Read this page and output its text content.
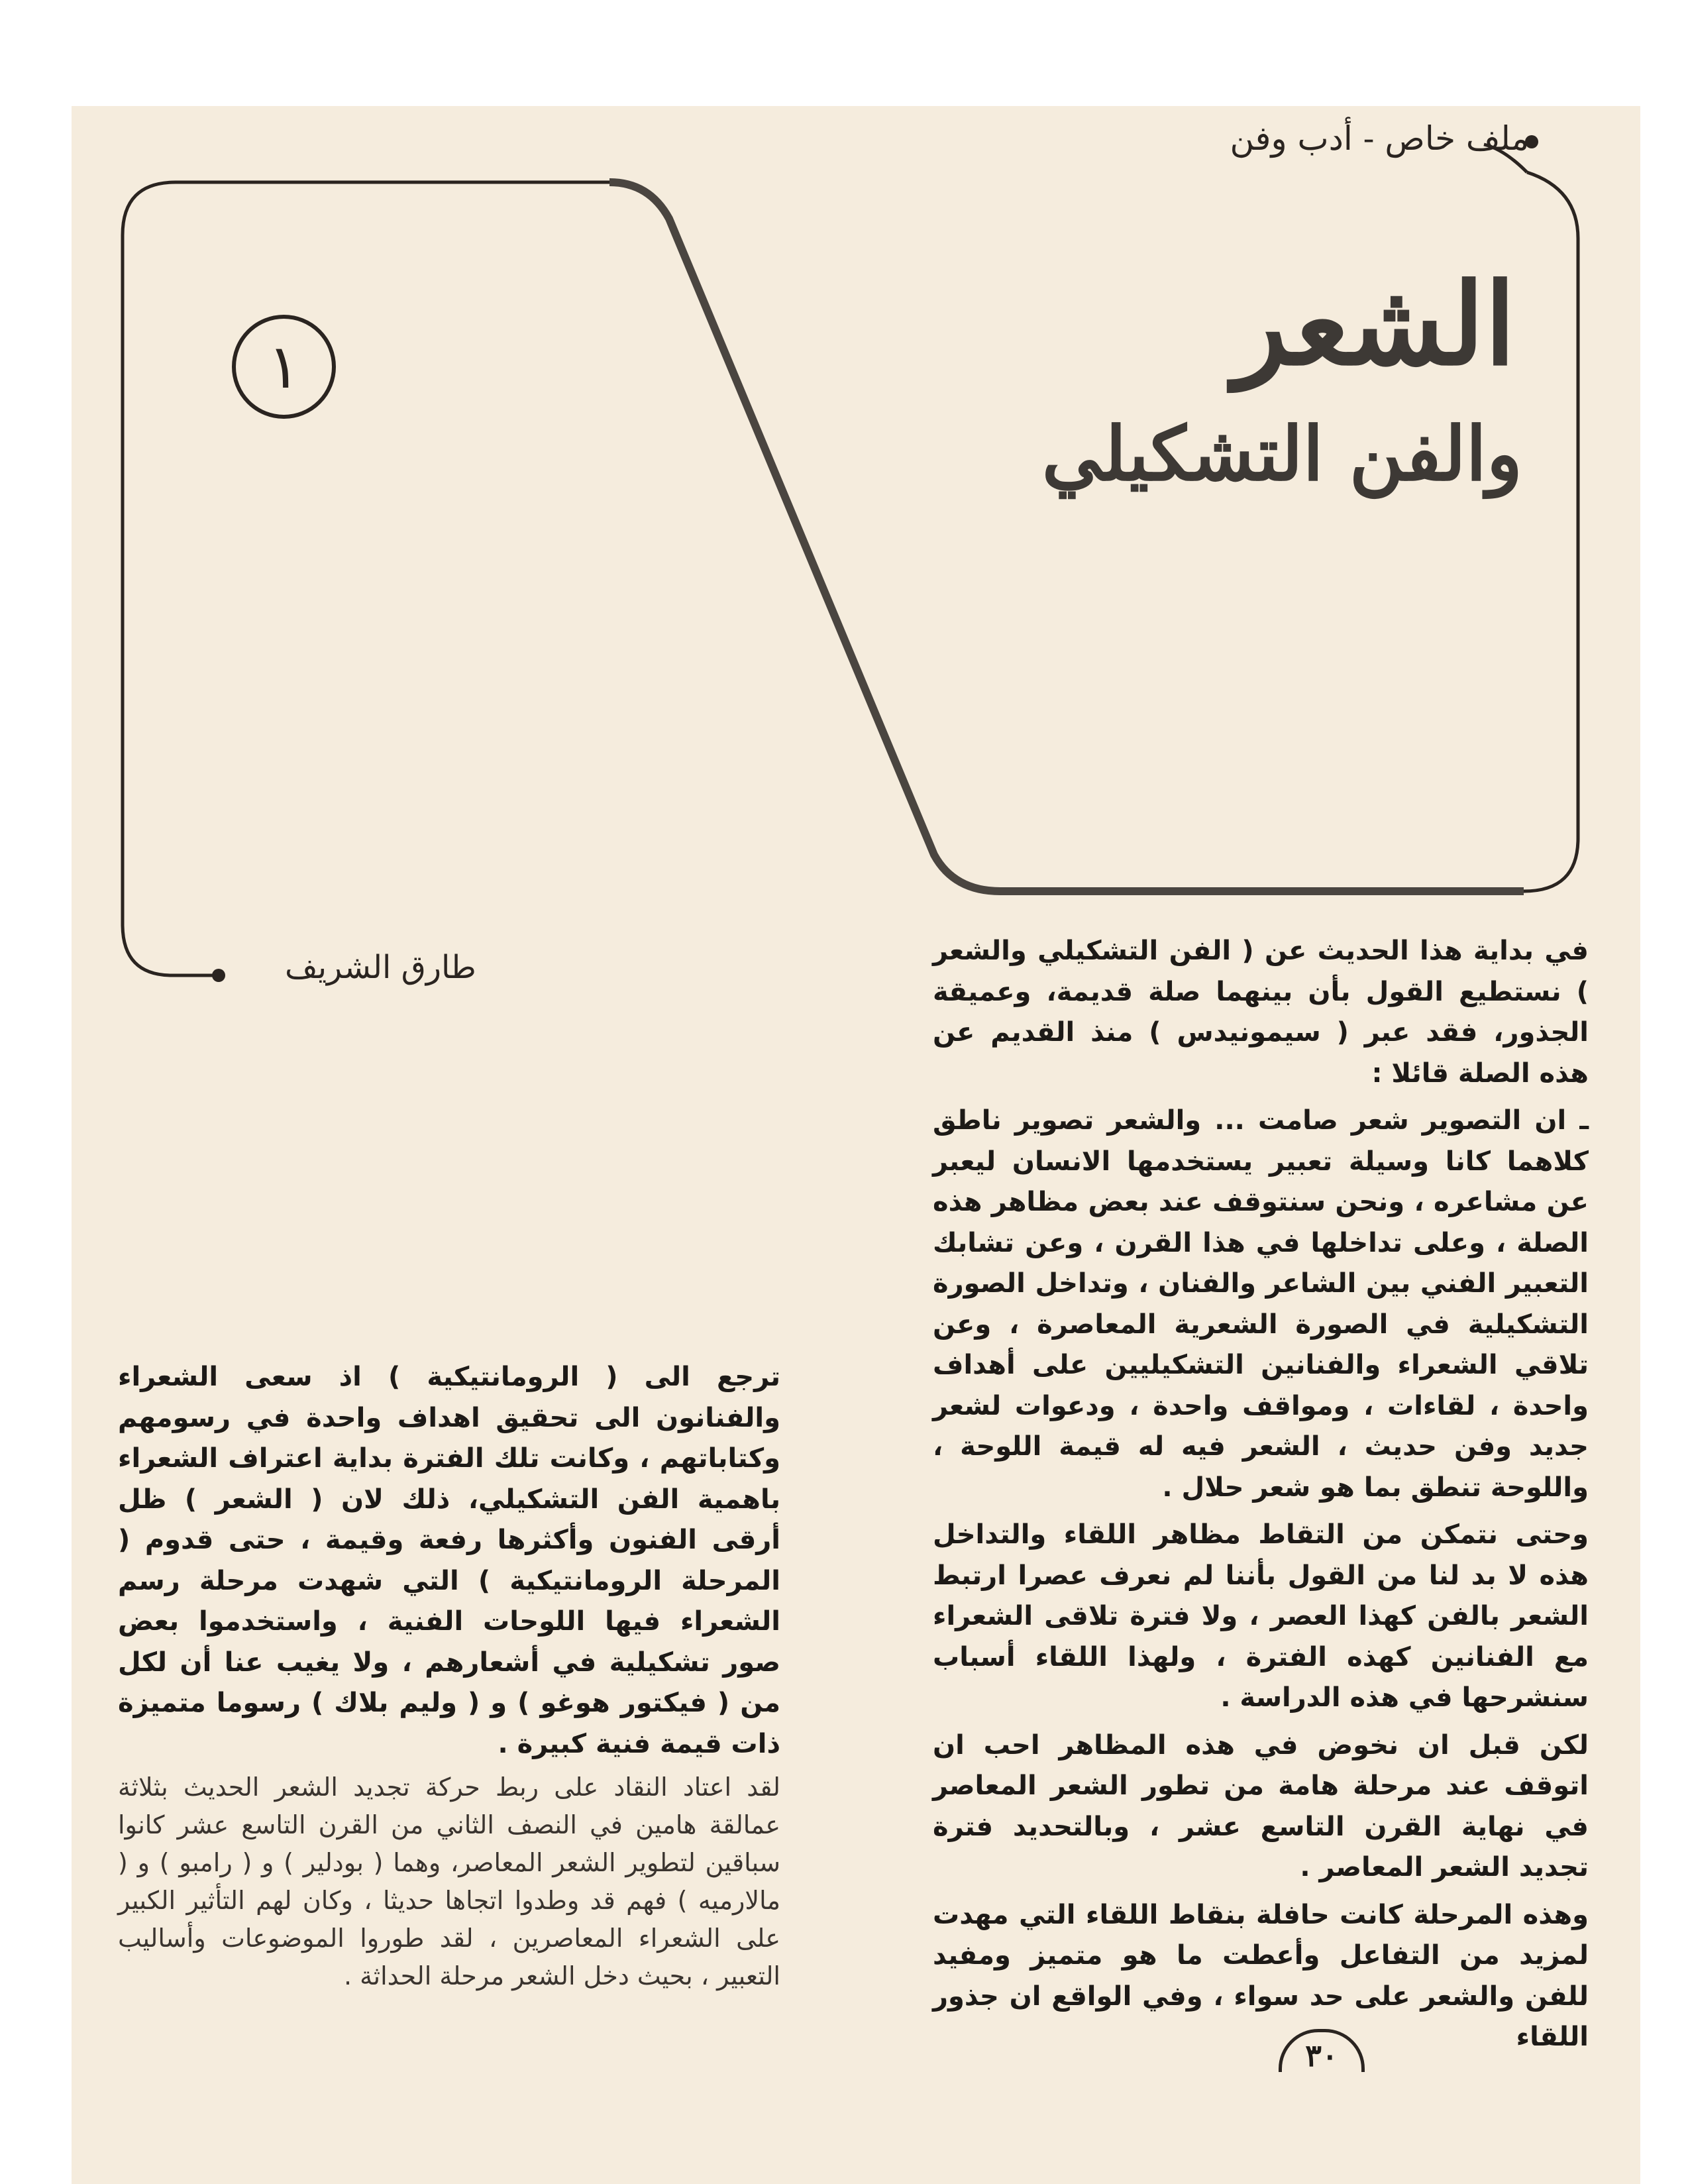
ملف خاص - أدب وفن
١	الشعر
والفن التشكيلي
طارق الشريف	في بداية هذا الحديث عن ( الفن التشكيلي والشعر ) نستطيع القول بأن بينهما صلة قديمة، وعميقة الجذور، فقد عبر ( سيمونيدس ) منذ القديم عن هذه الصلة قائلا :

ـ ان التصوير شعر صامت ... والشعر تصوير ناطق كلاهما كانا وسيلة تعبير يستخدمها الانسان ليعبر عن مشاعره ، ونحن سنتوقف عند بعض مظاهر هذه الصلة ، وعلى تداخلها في هذا القرن ، وعن تشابك التعبير الفني بين الشاعر والفنان ، وتداخل الصورة التشكيلية في الصورة الشعرية المعاصرة ، وعن تلاقي الشعراء والفنانين التشكيليين على أهداف واحدة ، لقاءات ، ومواقف واحدة ، ودعوات لشعر جديد وفن حديث ، الشعر فيه له قيمة اللوحة ، واللوحة تنطق بما هو شعر حلال .

وحتى نتمكن من التقاط مظاهر اللقاء والتداخل هذه لا بد لنا من القول بأننا لم نعرف عصرا ارتبط الشعر بالفن كهذا العصر ، ولا فترة تلاقى الشعراء مع الفنانين كهذه الفترة ، ولهذا اللقاء أسباب سنشرحها في هذه الدراسة .

لكن قبل ان نخوض في هذه المظاهر احب ان اتوقف عند مرحلة هامة من تطور الشعر المعاصر في نهاية القرن التاسع عشر ، وبالتحديد فترة تجديد الشعر المعاصر .

وهذه المرحلة كانت حافلة بنقاط اللقاء التي مهدت لمزيد من التفاعل وأعطت ما هو متميز ومفيد للفن والشعر على حد سواء ، وفي الواقع ان جذور اللقاء

ترجع الى ( الرومانتيكية ) اذ سعى الشعراء والفنانون الى تحقيق اهداف واحدة في رسومهم وكتاباتهم ، وكانت تلك الفترة بداية اعتراف الشعراء باهمية الفن التشكيلي، ذلك لان ( الشعر ) ظل أرقى الفنون وأكثرها رفعة وقيمة ، حتى قدوم ( المرحلة الرومانتيكية ) التي شهدت مرحلة رسم الشعراء فيها اللوحات الفنية ، واستخدموا بعض صور تشكيلية في أشعارهم ، ولا يغيب عنا أن لكل من ( فيكتور هوغو ) و ( وليم بلاك ) رسوما متميزة ذات قيمة فنية كبيرة .

لقد اعتاد النقاد على ربط حركة تجديد الشعر الحديث بثلاثة عمالقة هامين في النصف الثاني من القرن التاسع عشر كانوا سباقين لتطوير الشعر المعاصر، وهما ( بودلير ) و ( رامبو ) و ( مالارميه ) فهم قد وطدوا اتجاها حديثا ، وكان لهم التأثير الكبير على الشعراء المعاصرين ، لقد طوروا الموضوعات وأساليب التعبير ، بحيث دخل الشعر مرحلة الحداثة .

٣٠
